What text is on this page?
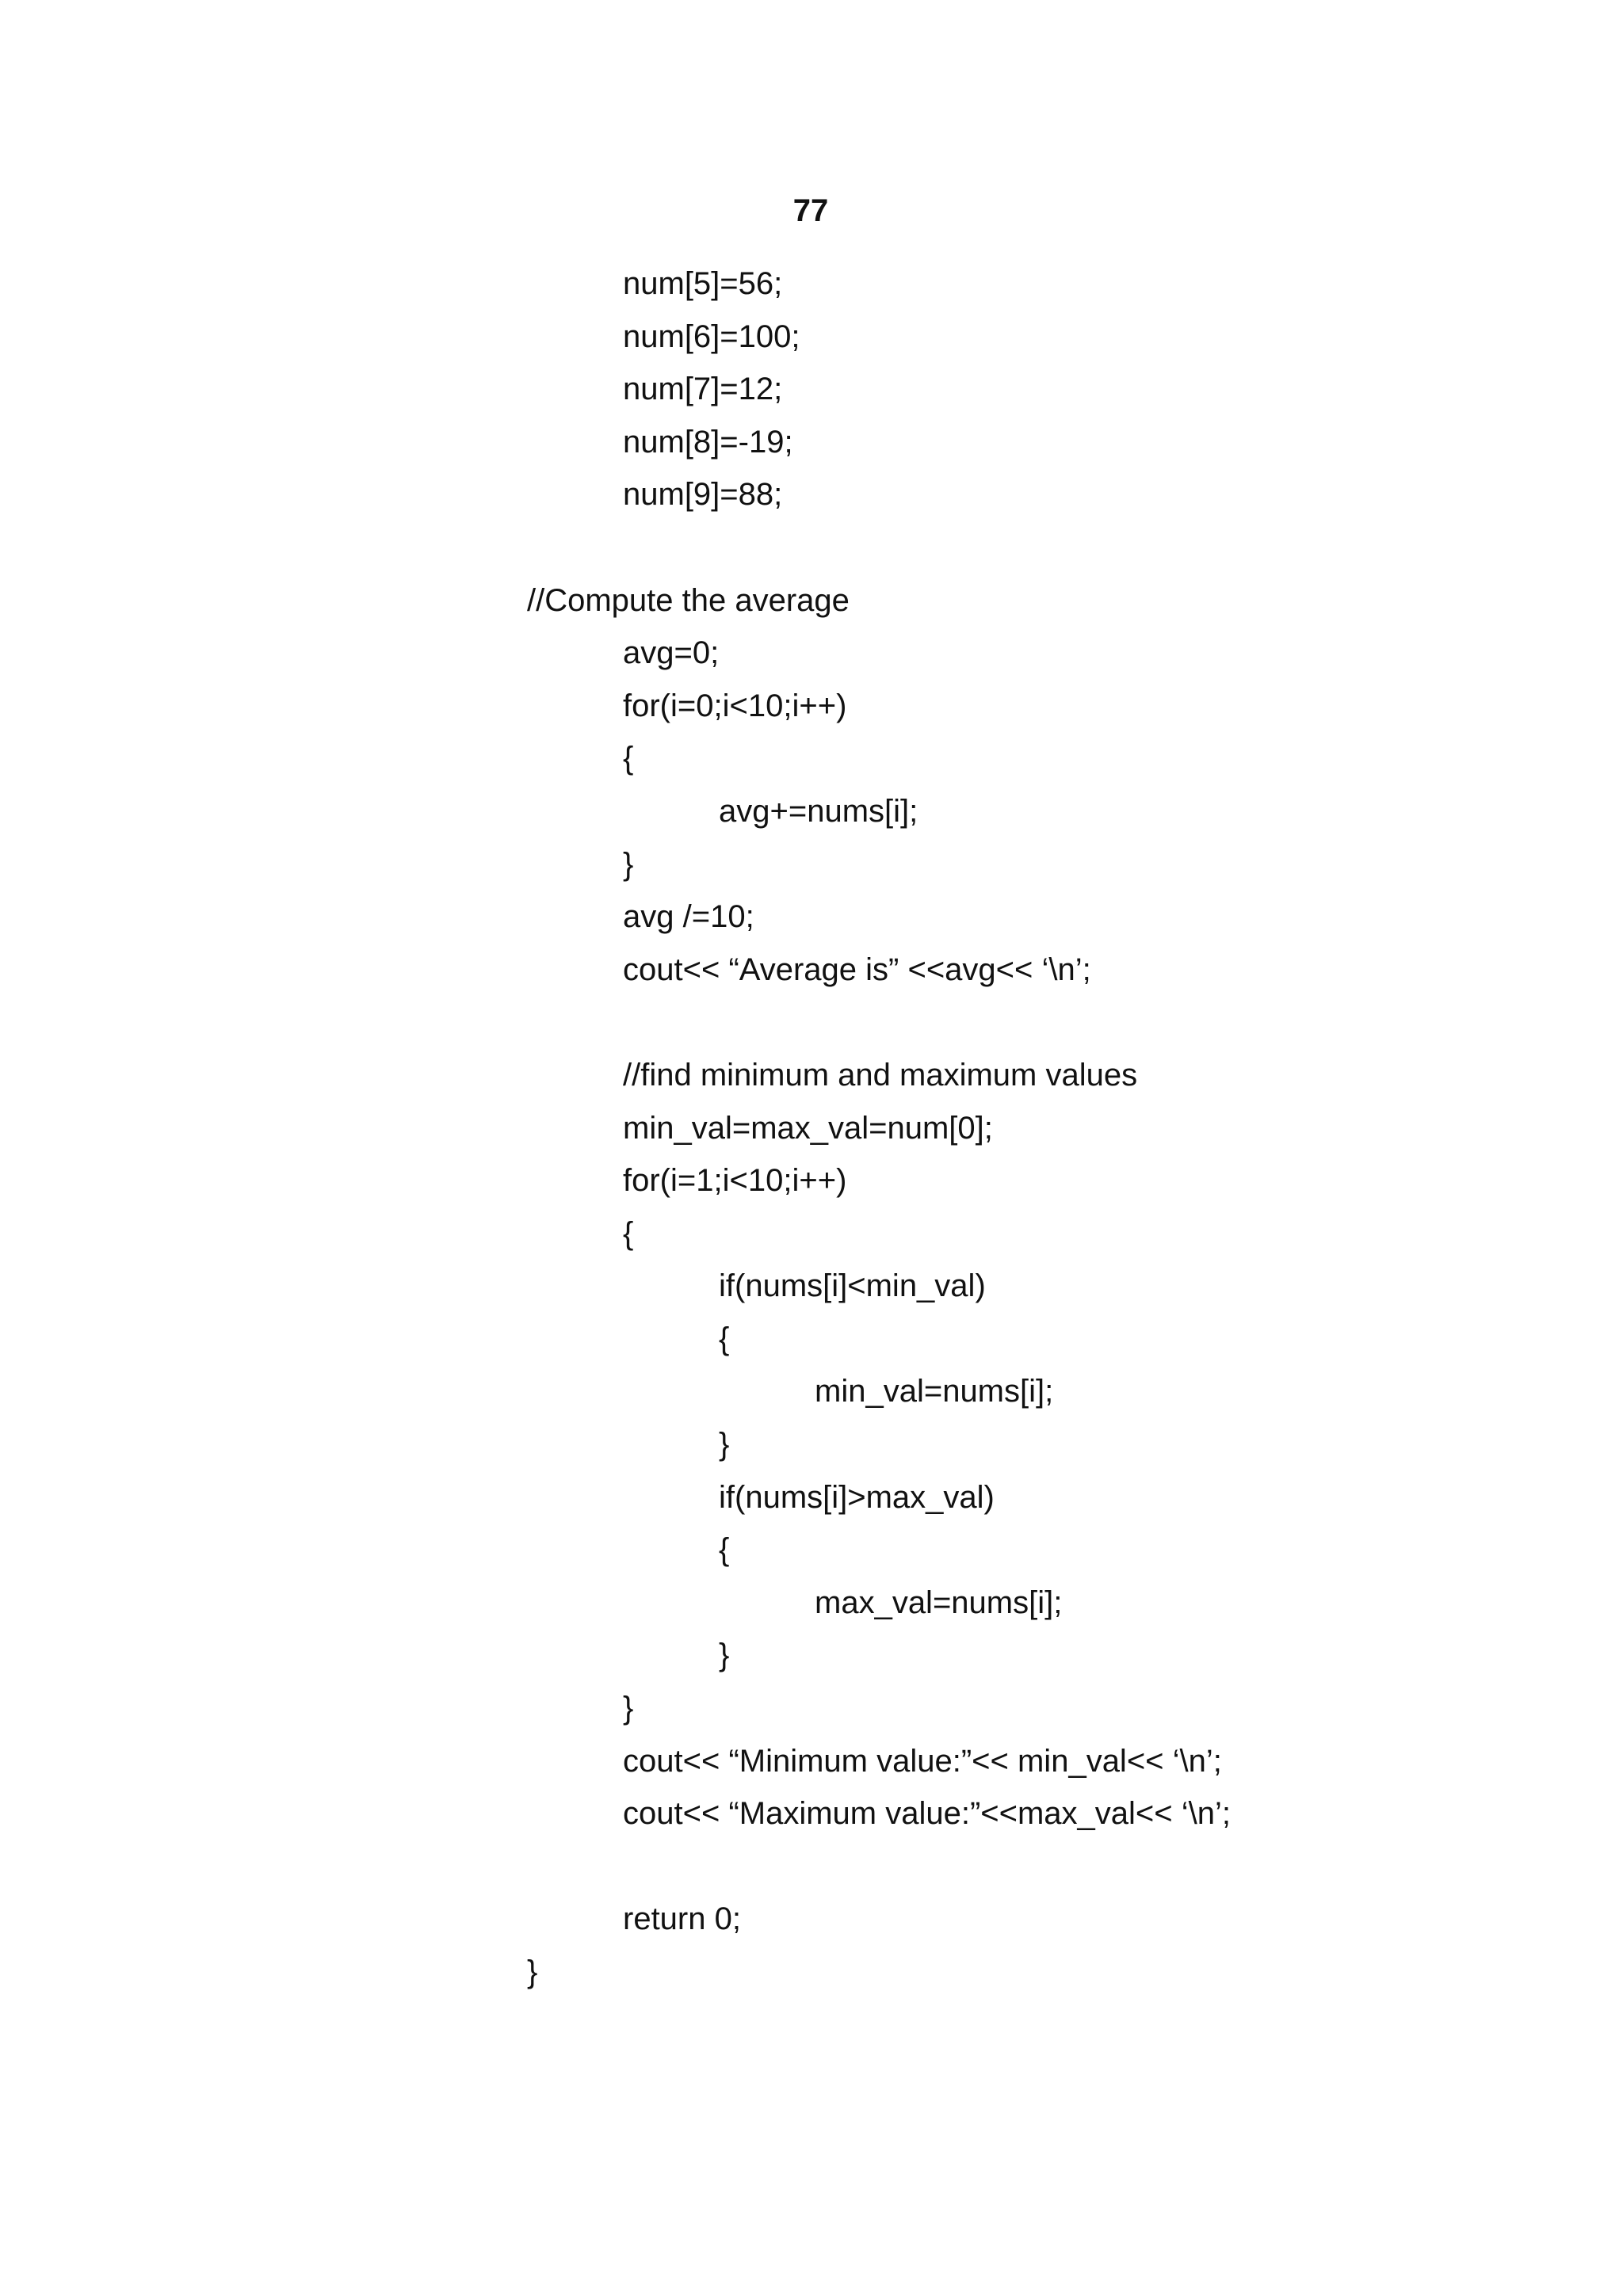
77
num[5]=56;
num[6]=100;
num[7]=12;
num[8]=-19;
num[9]=88;
//Compute the average
avg=0;
for(i=0;i<10;i++)
{
avg+=nums[i];
}
avg /=10;
cout<< “Average is” <<avg<< ‘\n’;
//find minimum and maximum values
min_val=max_val=num[0];
for(i=1;i<10;i++)
{
if(nums[i]<min_val)
{
min_val=nums[i];
}
if(nums[i]>max_val)
{
max_val=nums[i];
}
}
cout<< “Minimum value:”<< min_val<< ‘\n’;
cout<< “Maximum value:”<<max_val<< ‘\n’;
return 0;
}
